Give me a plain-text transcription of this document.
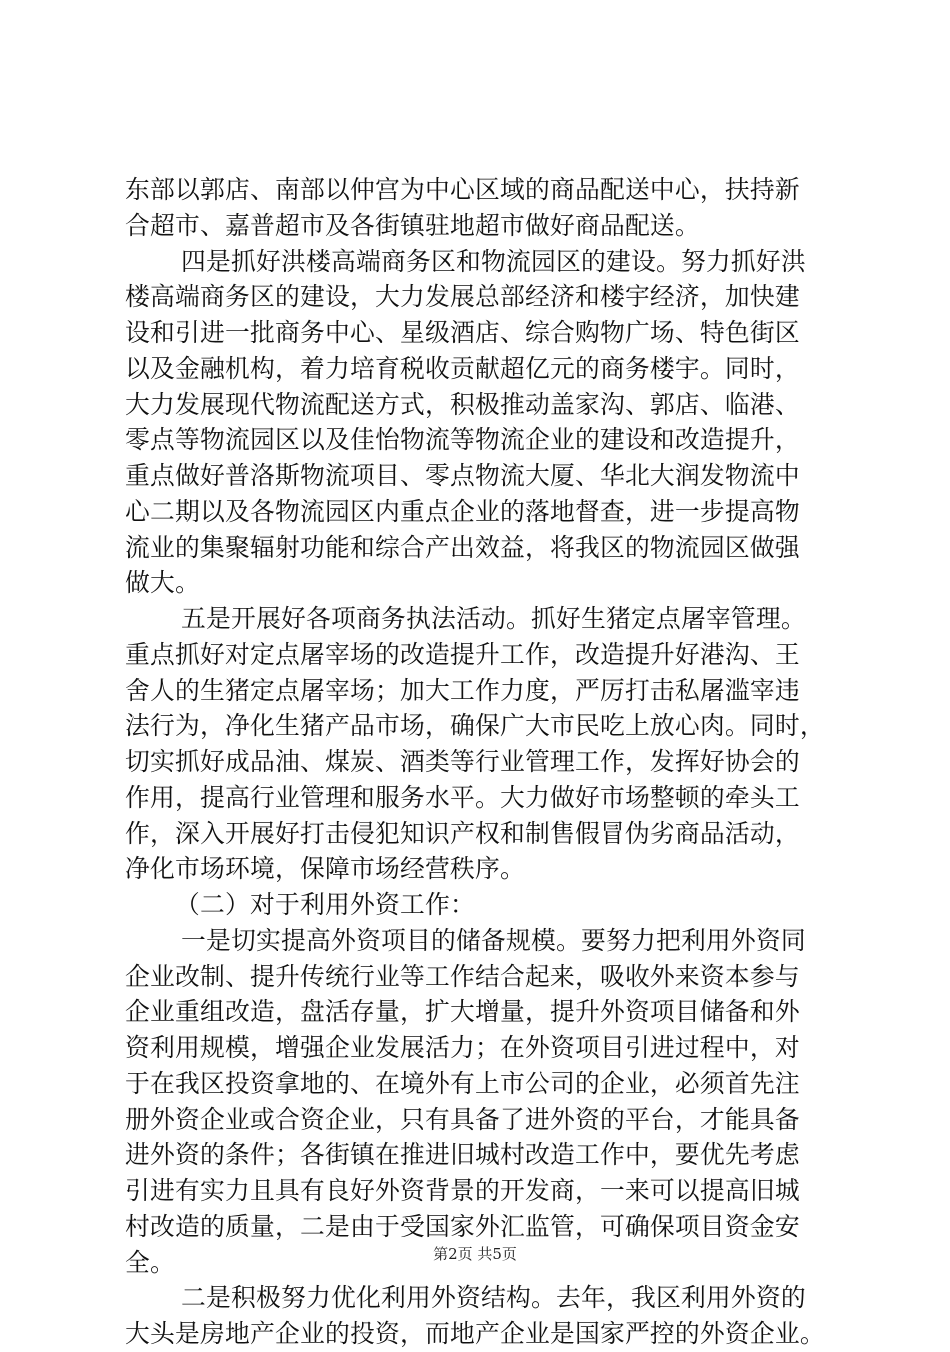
东部以郭店、南部以仲宫为中心区域的商品配送中心，扶持新
合超市、嘉普超市及各街镇驻地超市做好商品配送。
四是抓好洪楼高端商务区和物流园区的建设。努力抓好洪
楼高端商务区的建设，大力发展总部经济和楼宇经济，加快建
设和引进一批商务中心、星级酒店、综合购物广场、特色街区
以及金融机构，着力培育税收贡献超亿元的商务楼宇。同时，
大力发展现代物流配送方式，积极推动盖家沟、郭店、临港、
零点等物流园区以及佳怡物流等物流企业的建设和改造提升，
重点做好普洛斯物流项目、零点物流大厦、华北大润发物流中
心二期以及各物流园区内重点企业的落地督查，进一步提高物
流业的集聚辐射功能和综合产出效益，将我区的物流园区做强
做大。
五是开展好各项商务执法活动。抓好生猪定点屠宰管理。
重点抓好对定点屠宰场的改造提升工作，改造提升好港沟、王
舍人的生猪定点屠宰场；加大工作力度，严厉打击私屠滥宰违
法行为，净化生猪产品市场，确保广大市民吃上放心肉。同时，
切实抓好成品油、煤炭、酒类等行业管理工作，发挥好协会的
作用，提高行业管理和服务水平。大力做好市场整顿的牵头工
作，深入开展好打击侵犯知识产权和制售假冒伪劣商品活动，
净化市场环境，保障市场经营秩序。
（二）对于利用外资工作：
一是切实提高外资项目的储备规模。要努力把利用外资同
企业改制、提升传统行业等工作结合起来，吸收外来资本参与
企业重组改造，盘活存量，扩大增量，提升外资项目储备和外
资利用规模，增强企业发展活力；在外资项目引进过程中，对
于在我区投资拿地的、在境外有上市公司的企业，必须首先注
册外资企业或合资企业，只有具备了进外资的平台，才能具备
进外资的条件；各街镇在推进旧城村改造工作中，要优先考虑
引进有实力且具有良好外资背景的开发商，一来可以提高旧城
村改造的质量，二是由于受国家外汇监管，可确保项目资金安
全。
二是积极努力优化利用外资结构。去年，我区利用外资的
大头是房地产企业的投资，而地产企业是国家严控的外资企业。
第2页 共5页
